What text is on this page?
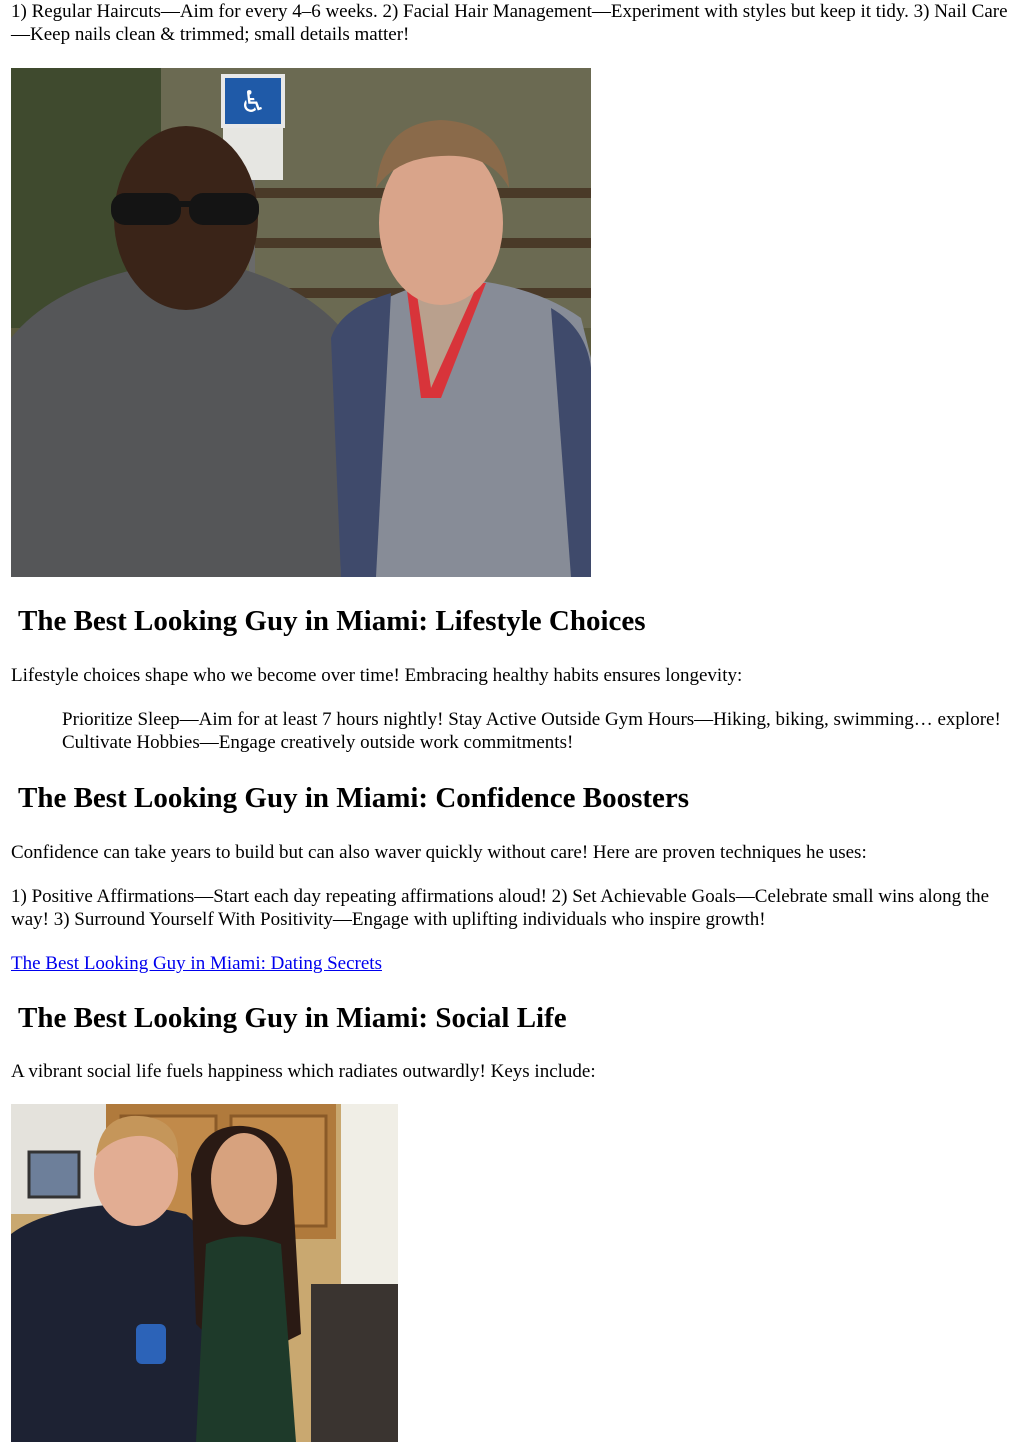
1) Regular Haircuts—Aim for every 4–6 weeks. 2) Facial Hair Management—Experiment with styles but keep it tidy. 3) Nail Care—Keep nails clean & trimmed; small details matter!

♿
The Best Looking Guy in Miami: Lifestyle Choices

Lifestyle choices shape who we become over time! Embracing healthy habits ensures longevity:

Prioritize Sleep—Aim for at least 7 hours nightly! Stay Active Outside Gym Hours—Hiking, biking, swimming… explore! Cultivate Hobbies—Engage creatively outside work commitments!
The Best Looking Guy in Miami: Confidence Boosters

Confidence can take years to build but can also waver quickly without care! Here are proven techniques he uses:

1) Positive Affirmations—Start each day repeating affirmations aloud! 2) Set Achievable Goals—Celebrate small wins along the way! 3) Surround Yourself With Positivity—Engage with uplifting individuals who inspire growth!

The Best Looking Guy in Miami: Dating Secrets

The Best Looking Guy in Miami: Social Life

A vibrant social life fuels happiness which radiates outwardly! Keys include:
